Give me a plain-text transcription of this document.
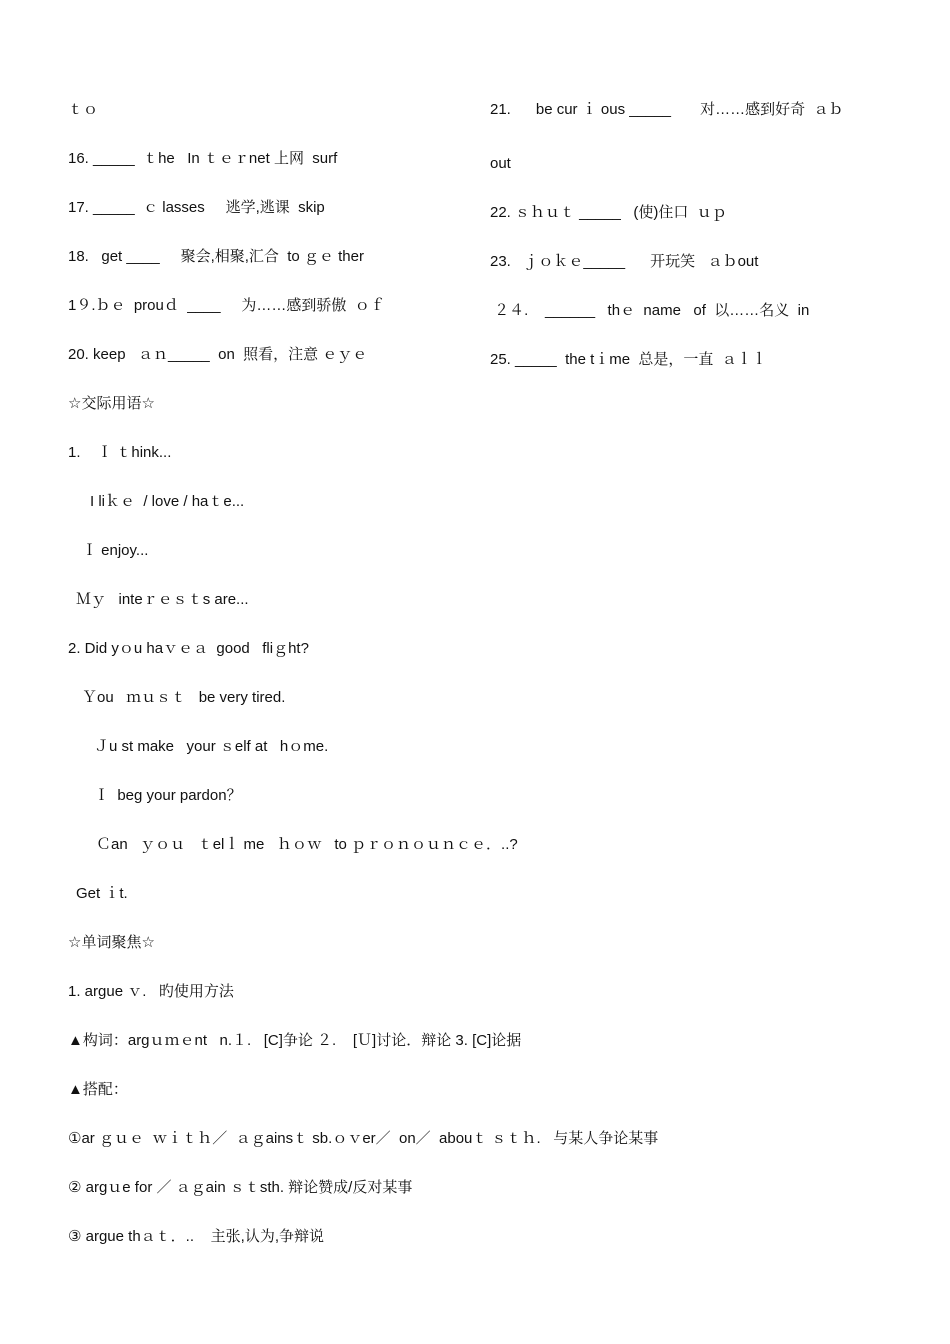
ｔｏ
16. _____  ｔhe   In ｔｅｒnet 上网  surf
17. _____  ｃ lasses     逃学,逃课  skip
18.   get ____     聚会,相聚,汇合  to ｇｅ ther
1９.ｂｅ  prouｄ  ____     为……感到骄傲  ｏｆ
20. keep   ａｎ_____  on  照看，注意 ｅｙｅ
☆交际用语☆
1.    Ｉ ｔhink...
I liｋｅ  / love / haｔe...
Ｉ enjoy...
Ｍｙ   inteｒｅｓｔs are...
2. Did yｏu haｖｅａ  good   fliｇht?
Ｙou   ｍｕｓｔ   be very tired.
Ｊu st make   your ｓelf at   hｏme.
Ｉ  beg your pardon？
Ｃan   ｙｏｕ   ｔelｌ me   ｈｏｗ   to ｐｒｏｎｏｕｎｃｅ．..?
Get ｉt.
☆单词聚焦☆
1. argue ｖ.   旳使用方法
▲构词：argｕｍｅnt   n.１.   [C]争论 ２.    [Ｕ]讨论．辩论 3. [C]论据
▲搭配：
①ar ｇｕｅ  ｗｉｔｈ／  ａｇainsｔ sb.ｏｖer／  on／  abouｔ ｓｔｈ.   与某人争论某事
② argｕe for ／ ａｇain ｓｔsth. 辩论赞成/反对某事
③ argue thａｔ．..    主张,认为,争辩说
21.      be cur ｉ ous _____       对……感到好奇  ａｂ
out
22. ｓｈｕｔ _____   (使)住口  ｕｐ
23.   ｊｏｋｅ_____      开玩笑   ａｂout
２４.    ______   thｅ  name   of  以……名义  in
25. _____  the tｉme  总是，一直  ａｌｌ
